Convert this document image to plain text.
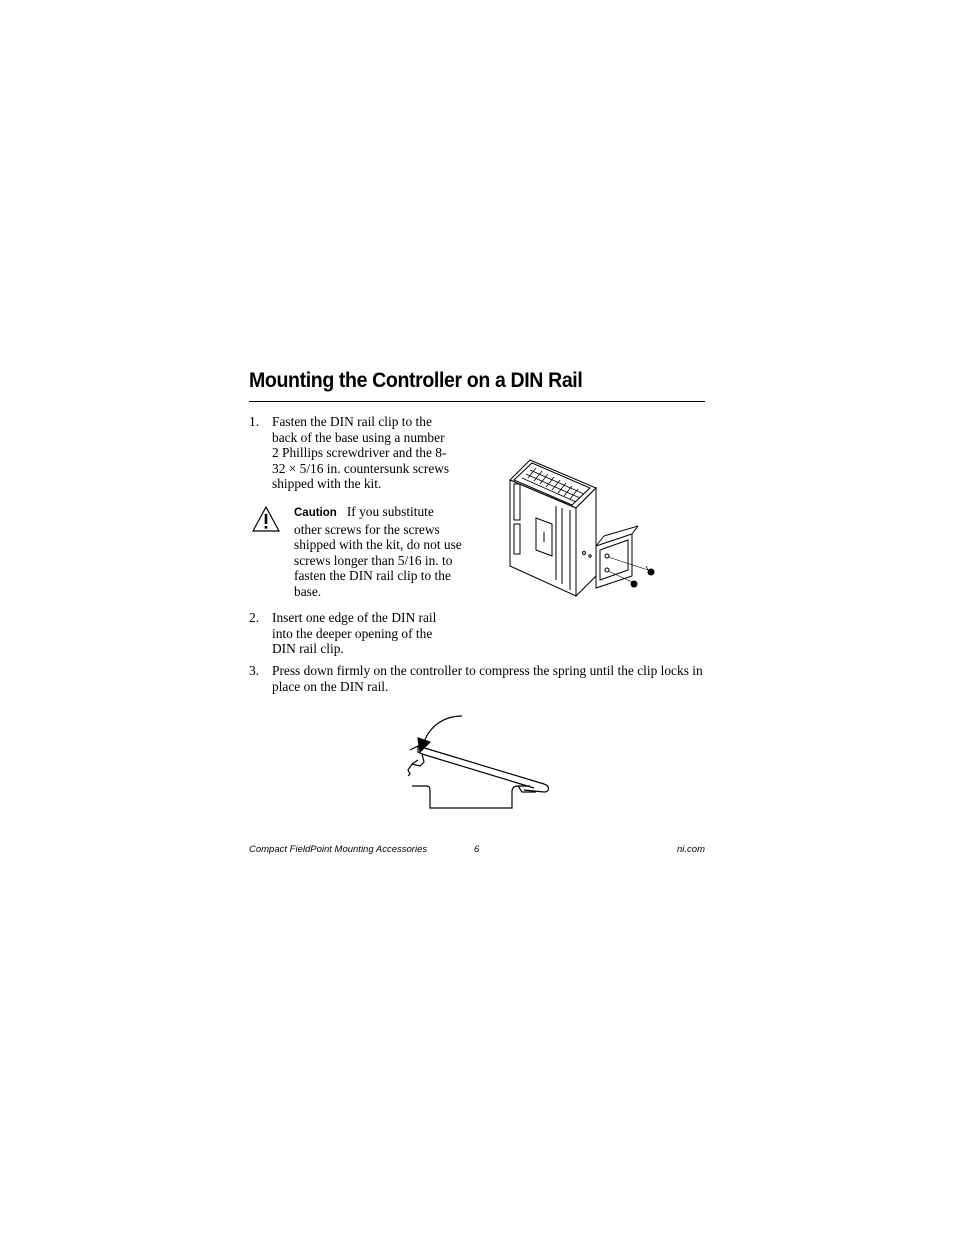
Mounting the Controller on a DIN Rail
1. Fasten the DIN rail clip to the back of the base using a number 2 Phillips screwdriver and the 8-32 × 5/16 in. countersunk screws shipped with the kit.
Caution If you substitute other screws for the screws shipped with the kit, do not use screws longer than 5/16 in. to fasten the DIN rail clip to the base.
2. Insert one edge of the DIN rail into the deeper opening of the DIN rail clip.
3. Press down firmly on the controller to compress the spring until the clip locks in place on the DIN rail.
Compact FieldPoint Mounting Accessories	6	ni.com
